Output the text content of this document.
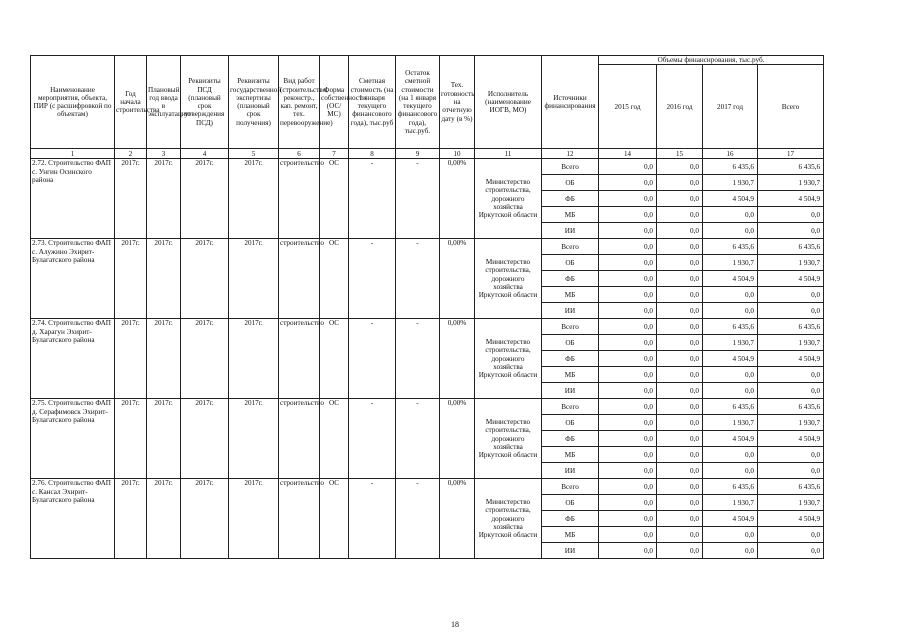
Наименование мероприятия, объекта, ПИР (с расшифровкой по объектам)	Год начала строительства	Плановый год ввода в эксплуатацию	Реквизиты ПСД (плановый срок утверждения ПСД)	Реквизиты государственной экспертизы (плановый срок получения)	Вид работ (строительство, реконстр., кап. ремонт, тех. перевооружение)	Форма собственности (ОС/МС)	Сметная стоимость (на 1 января текущего финансового года), тыс.руб	Остаток сметной стоимости (на 1 января текущего финансового года), тыс.руб.	Тех. готовность на отчетную дату (в %)	Исполнитель (наименование ИОГВ, МО)	Источники финансирования	Объемы финансирования, тыс.руб.			
												2015 год	2016 год	2017 год	Всего
1	2	3	4	5	6	7	8	9	10	11	12	14	15	16	17
2.72. Строительство ФАП с. Унгин Осинского района	2017г.	2017г.	2017г.	2017г.	строительство	ОС	-	-	0,00%	Министерство строительства, дорожного хозяйства Иркутской области	Всего	0,0	0,0	6 435,6	6 435,6
											ОБ	0,0	0,0	1 930,7	1 930,7
											ФБ	0,0	0,0	4 504,9	4 504,9
											МБ	0,0	0,0	0,0	0,0
											ИИ	0,0	0,0	0,0	0,0
2.73. Строительство ФАП с. Алужино Эхирит-Булагатского района	2017г.	2017г.	2017г.	2017г.	строительство	ОС	-	-	0,00%	Министерство строительства, дорожного хозяйства Иркутской области	Всего	0,0	0,0	6 435,6	6 435,6
											ОБ	0,0	0,0	1 930,7	1 930,7
											ФБ	0,0	0,0	4 504,9	4 504,9
											МБ	0,0	0,0	0,0	0,0
											ИИ	0,0	0,0	0,0	0,0
2.74. Строительство ФАП д. Харагун Эхирит-Булагатского района	2017г.	2017г.	2017г.	2017г.	строительство	ОС	-	-	0,00%	Министерство строительства, дорожного хозяйства Иркутской области	Всего	0,0	0,0	6 435,6	6 435,6
											ОБ	0,0	0,0	1 930,7	1 930,7
											ФБ	0,0	0,0	4 504,9	4 504,9
											МБ	0,0	0,0	0,0	0,0
											ИИ	0,0	0,0	0,0	0,0
2.75. Строительство ФАП д. Серафимовск Эхирит-Булагатского района	2017г.	2017г.	2017г.	2017г.	строительство	ОС	-	-	0,00%	Министерство строительства, дорожного хозяйства Иркутской области	Всего	0,0	0,0	6 435,6	6 435,6
											ОБ	0,0	0,0	1 930,7	1 930,7
											ФБ	0,0	0,0	4 504,9	4 504,9
											МБ	0,0	0,0	0,0	0,0
											ИИ	0,0	0,0	0,0	0,0
2.76. Строительство ФАП с. Кансал Эхирит-Булагатского района	2017г.	2017г.	2017г.	2017г.	строительство	ОС	-	-	0,00%	Министерство строительства, дорожного хозяйства Иркутской области	Всего	0,0	0,0	6 435,6	6 435,6
											ОБ	0,0	0,0	1 930,7	1 930,7
											ФБ	0,0	0,0	4 504,9	4 504,9
											МБ	0,0	0,0	0,0	0,0
											ИИ	0,0	0,0	0,0	0,0
18
